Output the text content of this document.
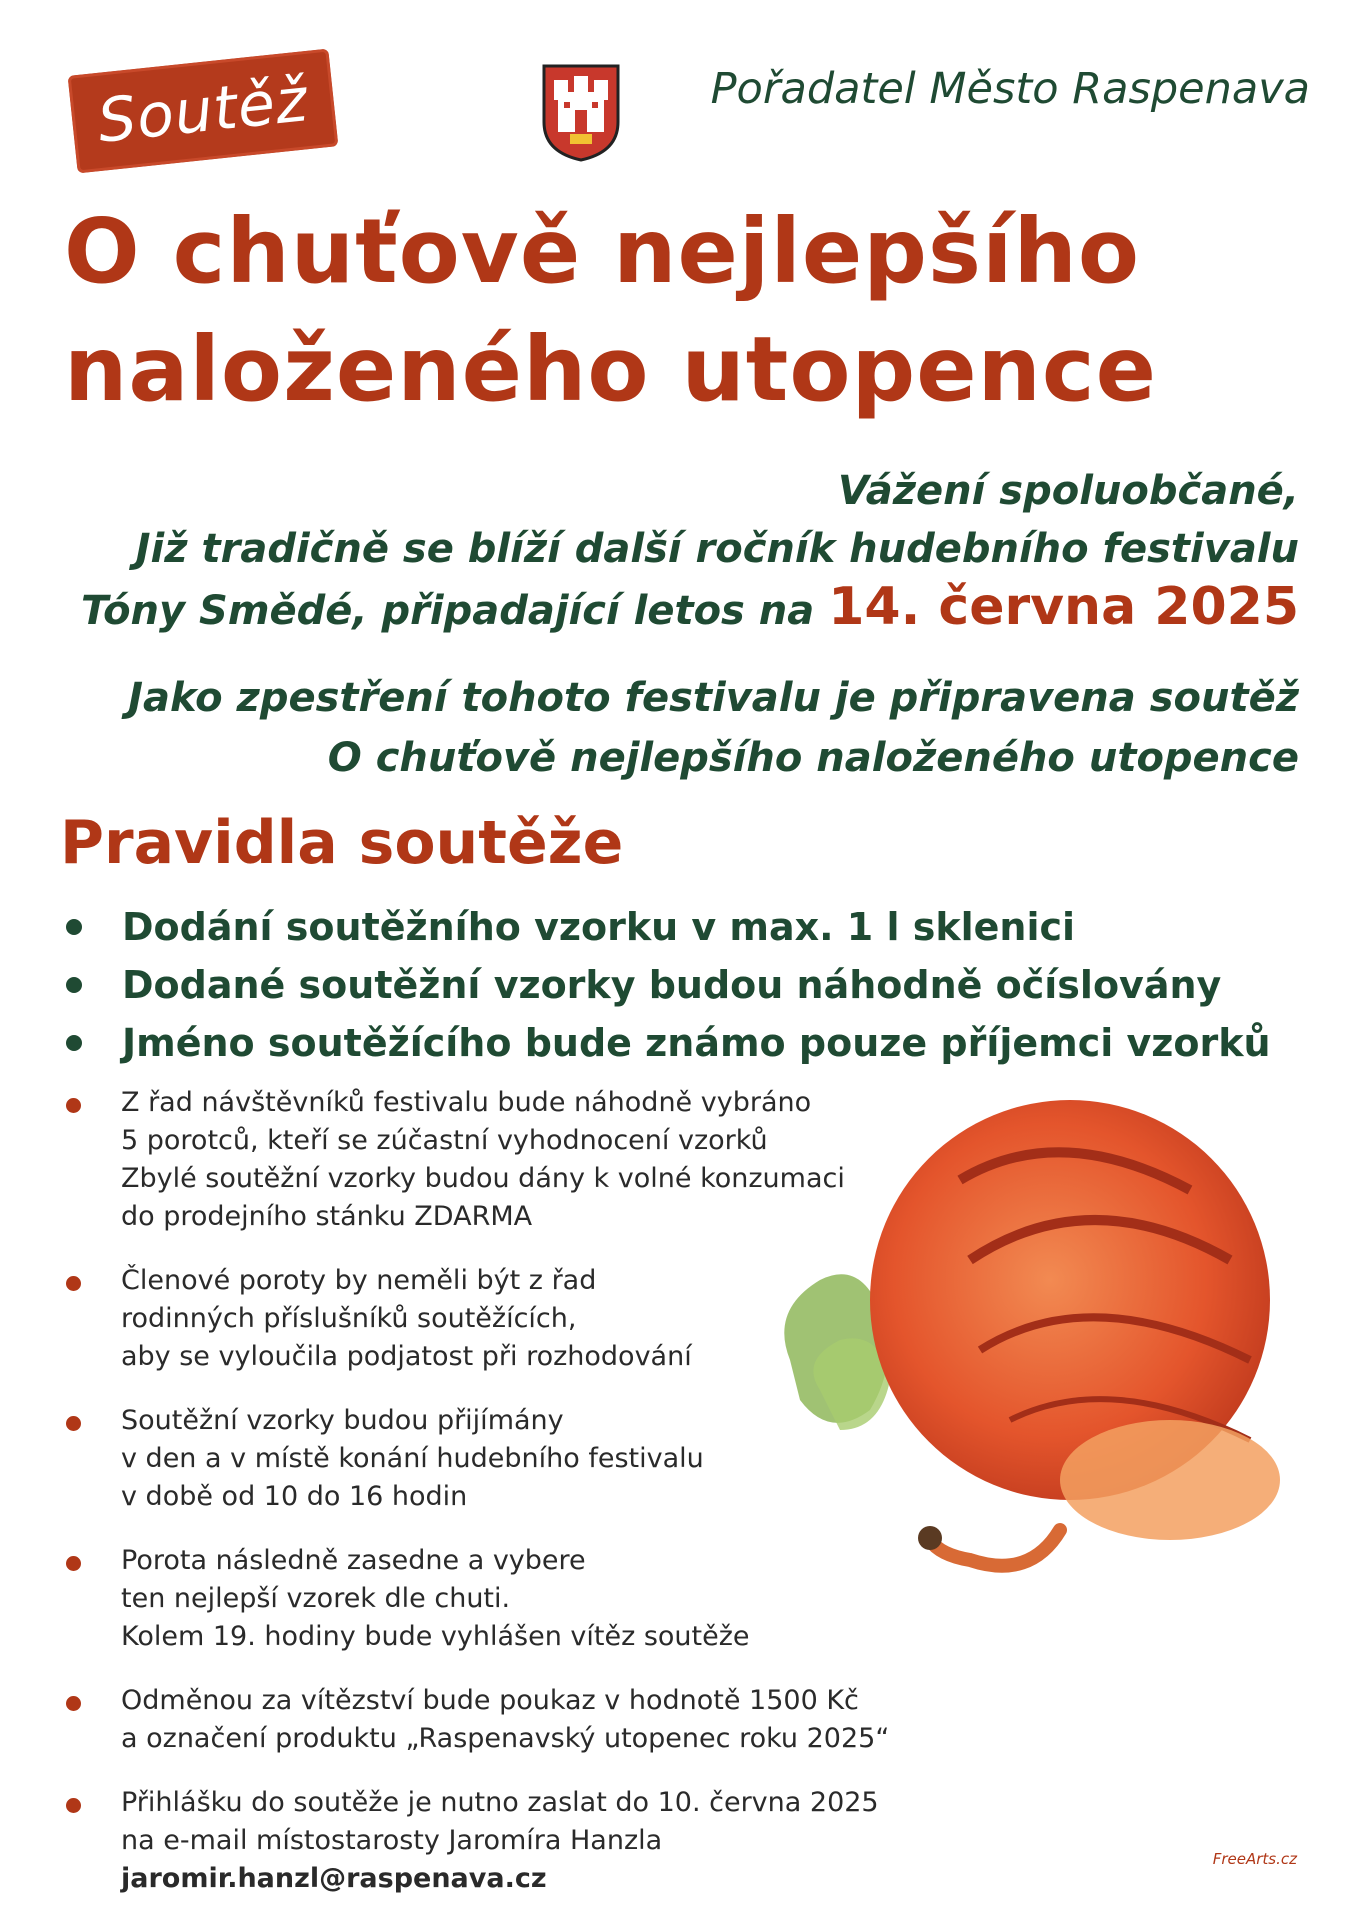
Soutěž	Pořadatel Město Raspenava
O chuťově nejlepšího
naloženého utopence
Vážení spoluobčané,
Již tradičně se blíží další ročník hudebního festivalu
Tóny Smědé, připadající letos na 14. června 2025
Jako zpestření tohoto festivalu je připravena soutěž
O chuťově nejlepšího naloženého utopence
Pravidla soutěže
Dodání soutěžního vzorku v max. 1 l sklenici
Dodané soutěžní vzorky budou náhodně očíslovány
Jméno soutěžícího bude známo pouze příjemci vzorků
Z řad návštěvníků festivalu bude náhodně vybráno
5 porotců, kteří se zúčastní vyhodnocení vzorků
Zbylé soutěžní vzorky budou dány k volné konzumaci
do prodejního stánku ZDARMA
Členové poroty by neměli být z řad
rodinných příslušníků soutěžících,
aby se vyloučila podjatost při rozhodování
Soutěžní vzorky budou přijímány
v den a v místě konání hudebního festivalu
v době od 10 do 16 hodin
Porota následně zasedne a vybere
ten nejlepší vzorek dle chuti.
Kolem 19. hodiny bude vyhlášen vítěz soutěže
Odměnou za vítězství bude poukaz v hodnotě 1500 Kč
a označení produktu „Raspenavský utopenec roku 2025“
Přihlášku do soutěže je nutno zaslat do 10. června 2025
na e-mail místostarosty Jaromíra Hanzla
jaromir.hanzl@raspenava.cz
FreeArts.cz
